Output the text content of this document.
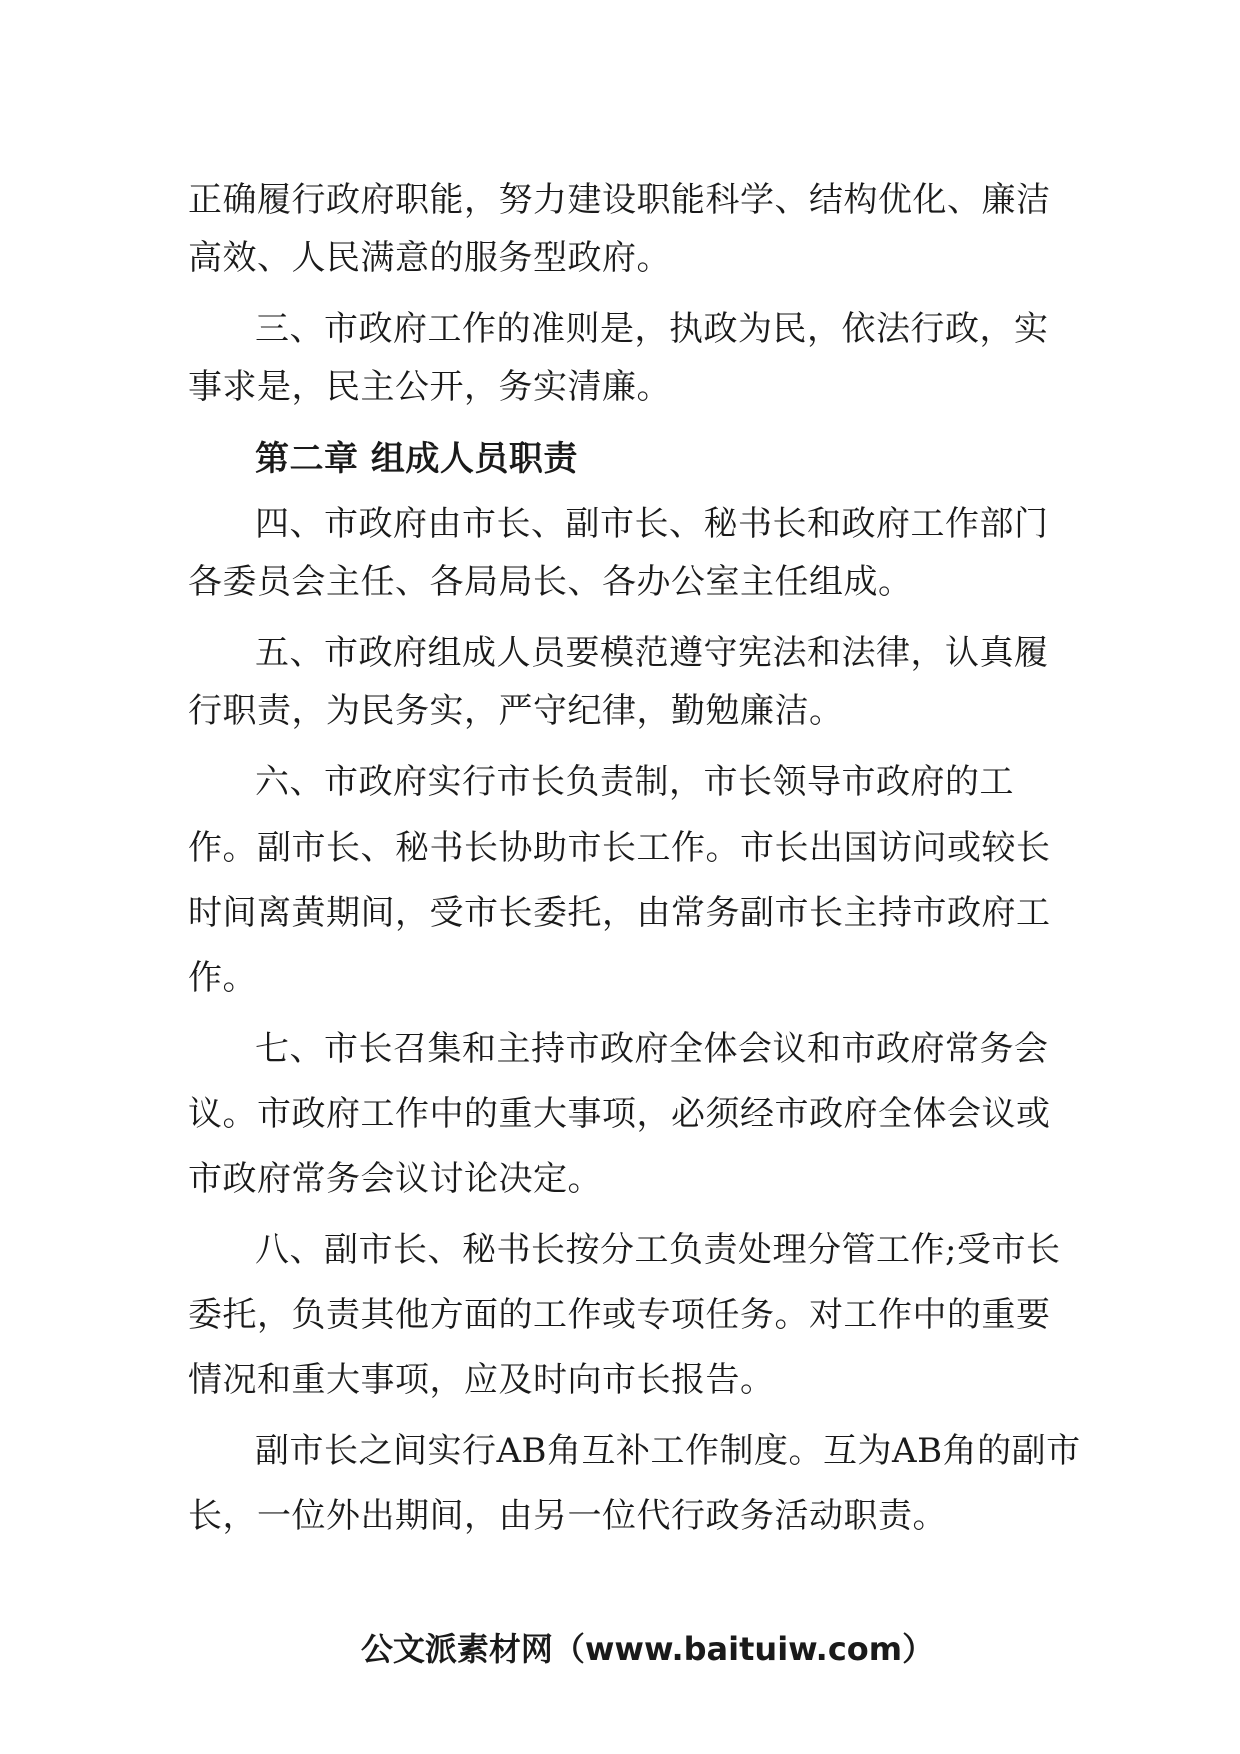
正确履行政府职能，努力建设职能科学、结构优化、廉洁
高效、人民满意的服务型政府。
三、市政府工作的准则是，执政为民，依法行政，实
事求是，民主公开，务实清廉。
第二章 组成人员职责
四、市政府由市长、副市长、秘书长和政府工作部门
各委员会主任、各局局长、各办公室主任组成。
五、市政府组成人员要模范遵守宪法和法律，认真履
行职责，为民务实，严守纪律，勤勉廉洁。
六、市政府实行市长负责制，市长领导市政府的工
作。副市长、秘书长协助市长工作。市长出国访问或较长
时间离黄期间，受市长委托，由常务副市长主持市政府工
作。
七、市长召集和主持市政府全体会议和市政府常务会
议。市政府工作中的重大事项，必须经市政府全体会议或
市政府常务会议讨论决定。
八、副市长、秘书长按分工负责处理分管工作;受市长
委托，负责其他方面的工作或专项任务。对工作中的重要
情况和重大事项，应及时向市长报告。
副市长之间实行AB角互补工作制度。互为AB角的副市
长，一位外出期间，由另一位代行政务活动职责。
公文派素材网（www.baituiw.com）
